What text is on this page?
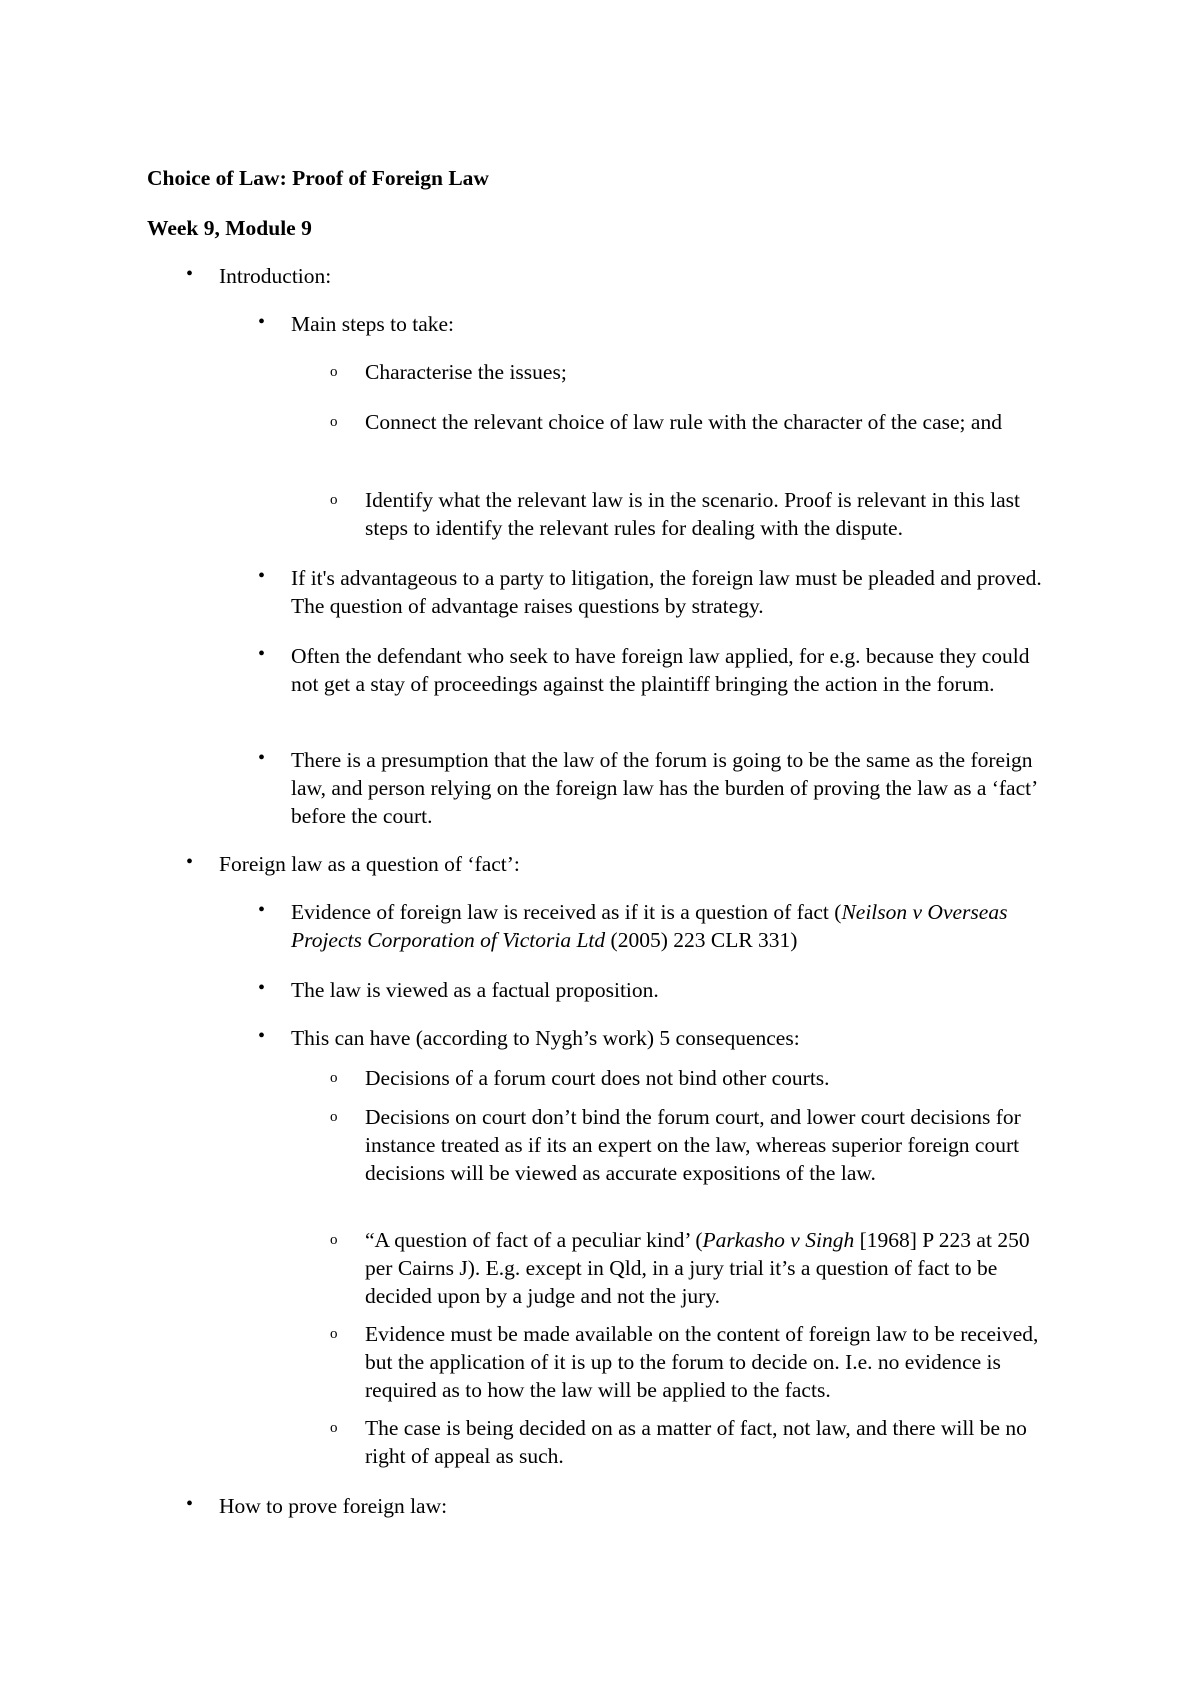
Choice of Law: Proof of Foreign Law
Week 9, Module 9
• Introduction:
• Main steps to take:
o Characterise the issues;
o Connect the relevant choice of law rule with the character of the case; and
o Identify what the relevant law is in the scenario. Proof is relevant in this last steps to identify the relevant rules for dealing with the dispute.
• If it's advantageous to a party to litigation, the foreign law must be pleaded and proved. The question of advantage raises questions by strategy.
• Often the defendant who seek to have foreign law applied, for e.g. because they could not get a stay of proceedings against the plaintiff bringing the action in the forum.
• There is a presumption that the law of the forum is going to be the same as the foreign law, and person relying on the foreign law has the burden of proving the law as a ‘fact’ before the court.
• Foreign law as a question of ‘fact’:
• Evidence of foreign law is received as if it is a question of fact (Neilson v Overseas Projects Corporation of Victoria Ltd (2005) 223 CLR 331)
• The law is viewed as a factual proposition.
• This can have (according to Nygh’s work) 5 consequences:
o Decisions of a forum court does not bind other courts.
o Decisions on court don’t bind the forum court, and lower court decisions for instance treated as if its an expert on the law, whereas superior foreign court decisions will be viewed as accurate expositions of the law.
o “A question of fact of a peculiar kind’ (Parkasho v Singh [1968] P 223 at 250 per Cairns J). E.g. except in Qld, in a jury trial it’s a question of fact to be decided upon by a judge and not the jury.
o Evidence must be made available on the content of foreign law to be received, but the application of it is up to the forum to decide on. I.e. no evidence is required as to how the law will be applied to the facts.
o The case is being decided on as a matter of fact, not law, and there will be no right of appeal as such.
• How to prove foreign law:
